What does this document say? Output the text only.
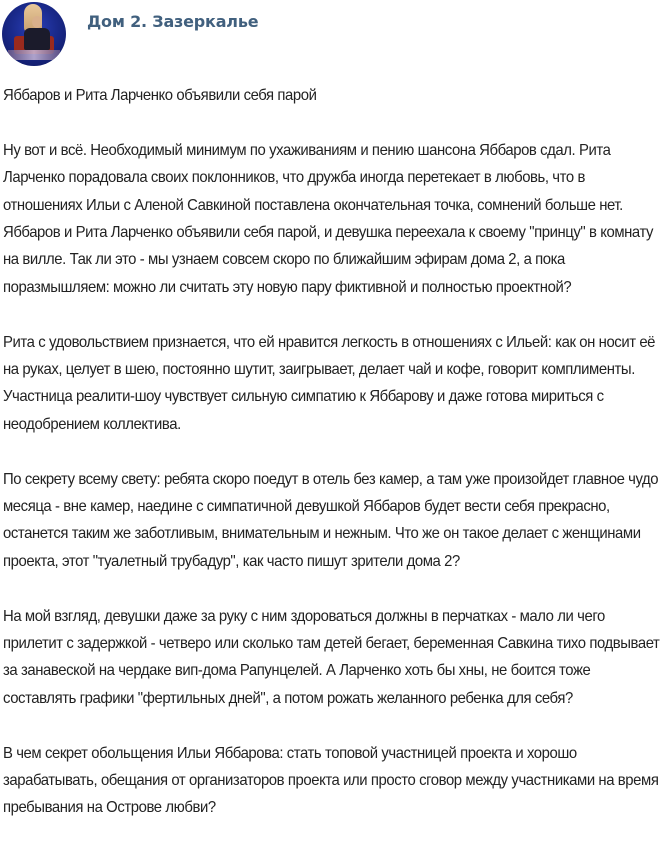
Дом 2. Зазеркалье

Яббаров и Рита Ларченко объявили себя парой

Ну вот и всё. Необходимый минимум по ухаживаниям и пению шансона Яббаров сдал. Рита Ларченко порадовала своих поклонников, что дружба иногда перетекает в любовь, что в отношениях Ильи с Аленой Савкиной поставлена окончательная точка, сомнений больше нет. Яббаров и Рита Ларченко объявили себя парой, и девушка переехала к своему "принцу" в комнату на вилле. Так ли это - мы узнаем совсем скоро по ближайшим эфирам дома 2, а пока поразмышляем: можно ли считать эту новую пару фиктивной и полностью проектной?

Рита с удовольствием признается, что ей нравится легкость в отношениях с Ильей: как он носит её на руках, целует в шею, постоянно шутит, заигрывает, делает чай и кофе, говорит комплименты. Участница реалити-шоу чувствует сильную симпатию к Яббарову и даже готова мириться с неодобрением коллектива.

По секрету всему свету: ребята скоро поедут в отель без камер, а там уже произойдет главное чудо месяца - вне камер, наедине с симпатичной девушкой Яббаров будет вести себя прекрасно, останется таким же заботливым, внимательным и нежным. Что же он такое делает с женщинами проекта, этот "туалетный трубадур", как часто пишут зрители дома 2?

На мой взгляд, девушки даже за руку с ним здороваться должны в перчатках - мало ли чего прилетит с задержкой - четверо или сколько там детей бегает, беременная Савкина тихо подвывает за занавеской на чердаке вип-дома Рапунцелей. А Ларченко хоть бы хны, не боится тоже составлять графики "фертильных дней", а потом рожать желанного ребенка для себя?

В чем секрет обольщения Ильи Яббарова: стать топовой участницей проекта и хорошо зарабатывать, обещания от организаторов проекта или просто сговор между участниками на время пребывания на Острове любви?
